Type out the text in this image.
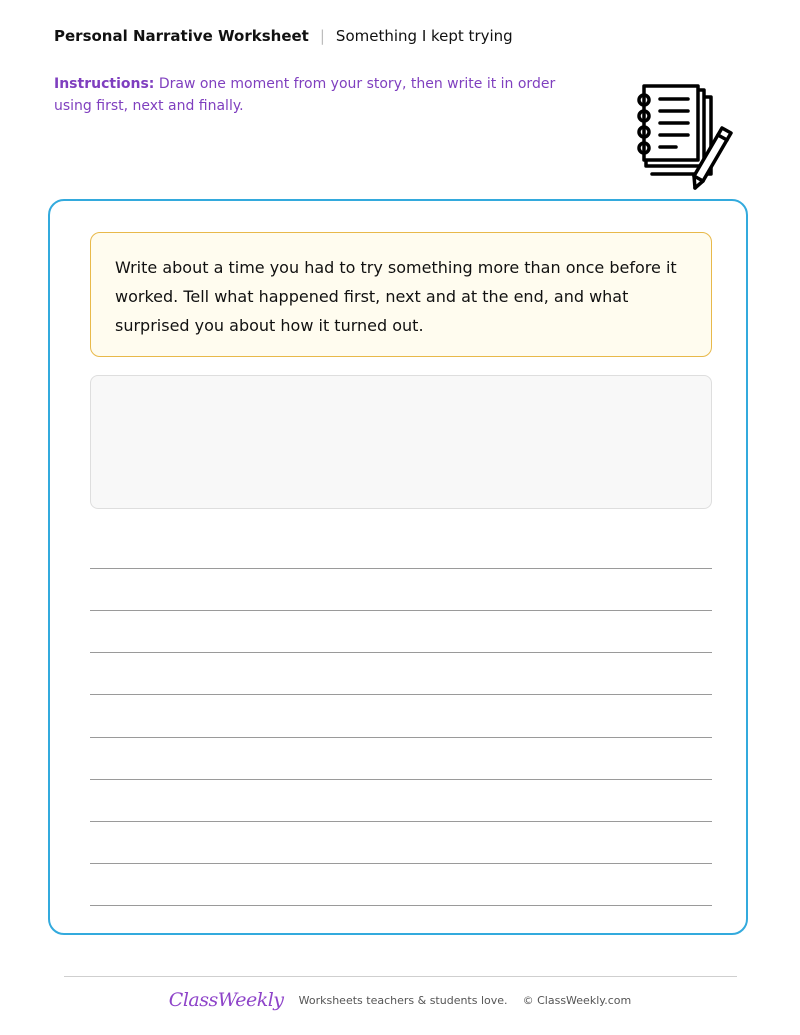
Personal Narrative Worksheet | Something I kept trying
Instructions: Draw one moment from your story, then write it in order using first, next and finally.
Write about a time you had to try something more than once before it worked. Tell what happened first, next and at the end, and what surprised you about how it turned out.
ClassWeekly Worksheets teachers & students love. © ClassWeekly.com
